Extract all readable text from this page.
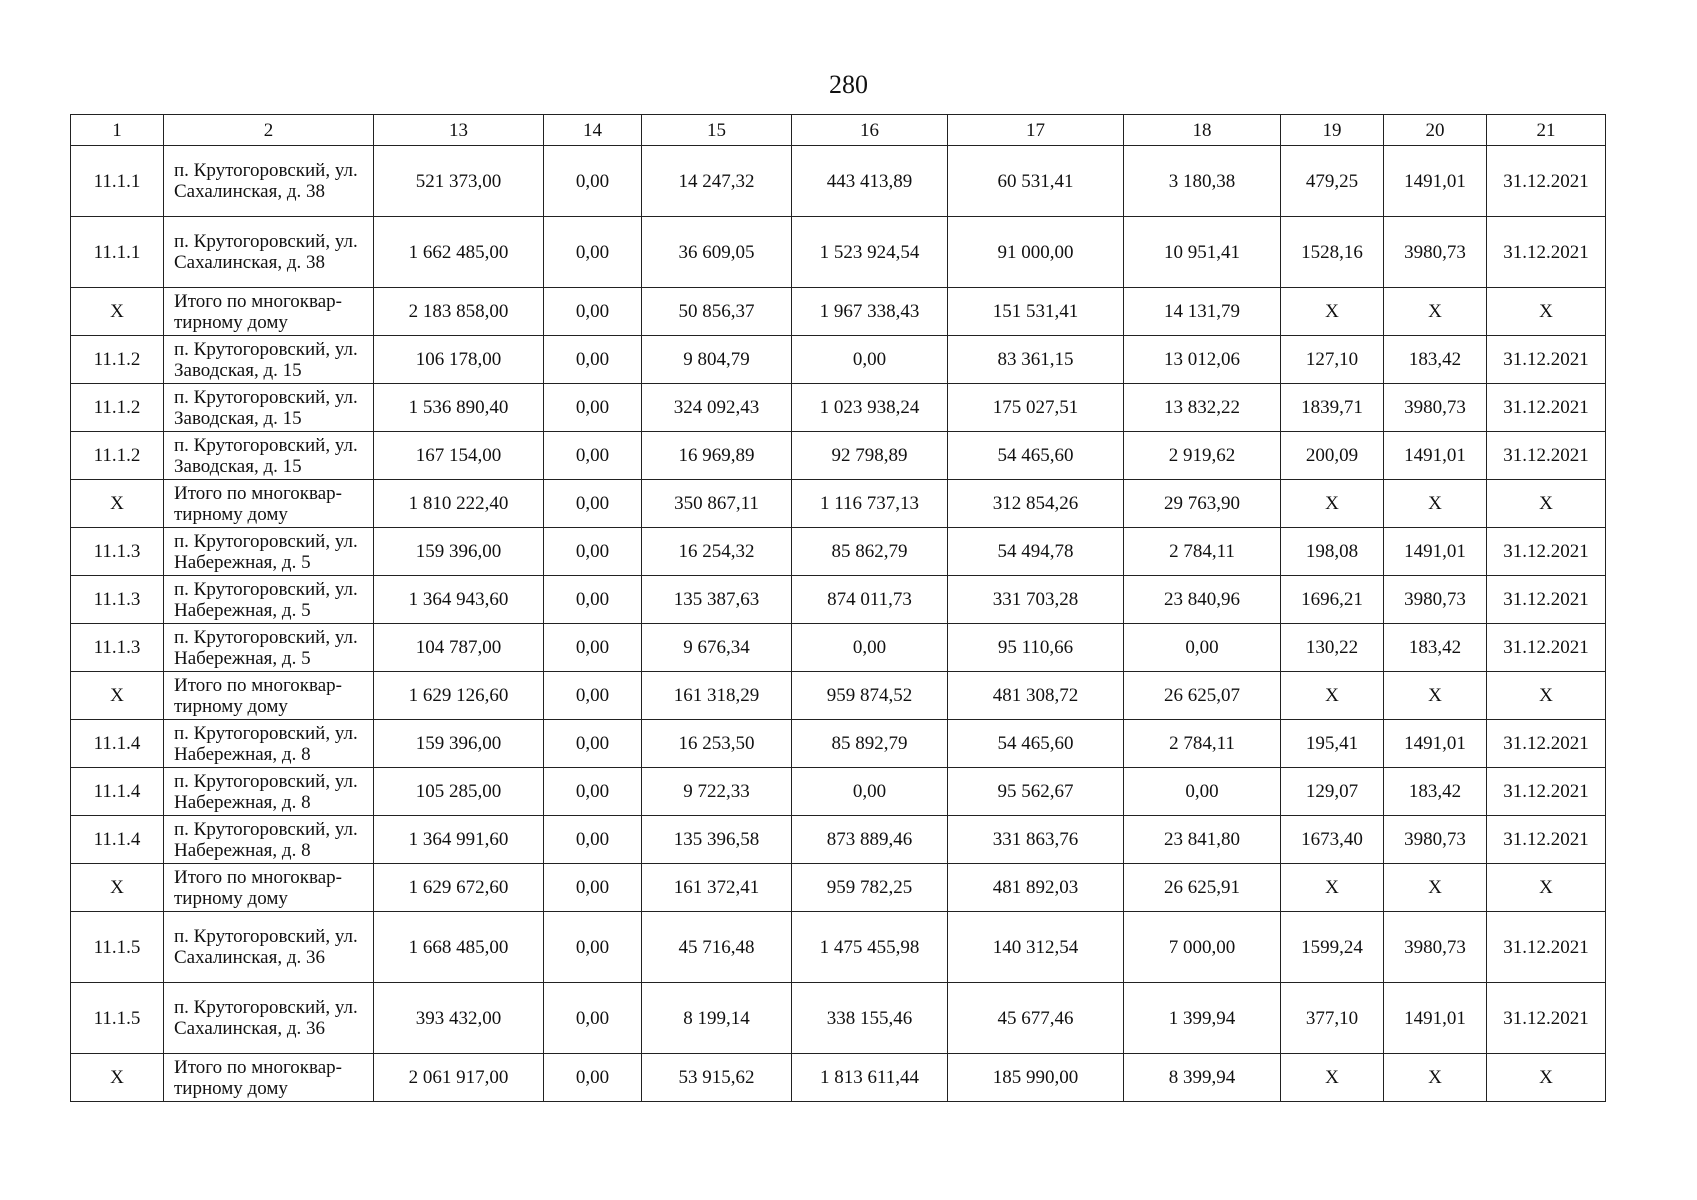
280
1	2	13	14	15	16	17	18	19	20	21
11.1.1	п. Крутогоровский, ул. Сахалинская, д. 38	521 373,00	0,00	14 247,32	443 413,89	60 531,41	3 180,38	479,25	1491,01	31.12.2021
11.1.1	п. Крутогоровский, ул. Сахалинская, д. 38	1 662 485,00	0,00	36 609,05	1 523 924,54	91 000,00	10 951,41	1528,16	3980,73	31.12.2021
X	Итого по многоквар-тирному дому	2 183 858,00	0,00	50 856,37	1 967 338,43	151 531,41	14 131,79	X	X	X
11.1.2	п. Крутогоровский, ул. Заводская, д. 15	106 178,00	0,00	9 804,79	0,00	83 361,15	13 012,06	127,10	183,42	31.12.2021
11.1.2	п. Крутогоровский, ул. Заводская, д. 15	1 536 890,40	0,00	324 092,43	1 023 938,24	175 027,51	13 832,22	1839,71	3980,73	31.12.2021
11.1.2	п. Крутогоровский, ул. Заводская, д. 15	167 154,00	0,00	16 969,89	92 798,89	54 465,60	2 919,62	200,09	1491,01	31.12.2021
X	Итого по многоквар-тирному дому	1 810 222,40	0,00	350 867,11	1 116 737,13	312 854,26	29 763,90	X	X	X
11.1.3	п. Крутогоровский, ул. Набережная, д. 5	159 396,00	0,00	16 254,32	85 862,79	54 494,78	2 784,11	198,08	1491,01	31.12.2021
11.1.3	п. Крутогоровский, ул. Набережная, д. 5	1 364 943,60	0,00	135 387,63	874 011,73	331 703,28	23 840,96	1696,21	3980,73	31.12.2021
11.1.3	п. Крутогоровский, ул. Набережная, д. 5	104 787,00	0,00	9 676,34	0,00	95 110,66	0,00	130,22	183,42	31.12.2021
X	Итого по многоквар-тирному дому	1 629 126,60	0,00	161 318,29	959 874,52	481 308,72	26 625,07	X	X	X
11.1.4	п. Крутогоровский, ул. Набережная, д. 8	159 396,00	0,00	16 253,50	85 892,79	54 465,60	2 784,11	195,41	1491,01	31.12.2021
11.1.4	п. Крутогоровский, ул. Набережная, д. 8	105 285,00	0,00	9 722,33	0,00	95 562,67	0,00	129,07	183,42	31.12.2021
11.1.4	п. Крутогоровский, ул. Набережная, д. 8	1 364 991,60	0,00	135 396,58	873 889,46	331 863,76	23 841,80	1673,40	3980,73	31.12.2021
X	Итого по многоквар-тирному дому	1 629 672,60	0,00	161 372,41	959 782,25	481 892,03	26 625,91	X	X	X
11.1.5	п. Крутогоровский, ул. Сахалинская, д. 36	1 668 485,00	0,00	45 716,48	1 475 455,98	140 312,54	7 000,00	1599,24	3980,73	31.12.2021
11.1.5	п. Крутогоровский, ул. Сахалинская, д. 36	393 432,00	0,00	8 199,14	338 155,46	45 677,46	1 399,94	377,10	1491,01	31.12.2021
X	Итого по многоквар-тирному дому	2 061 917,00	0,00	53 915,62	1 813 611,44	185 990,00	8 399,94	X	X	X
